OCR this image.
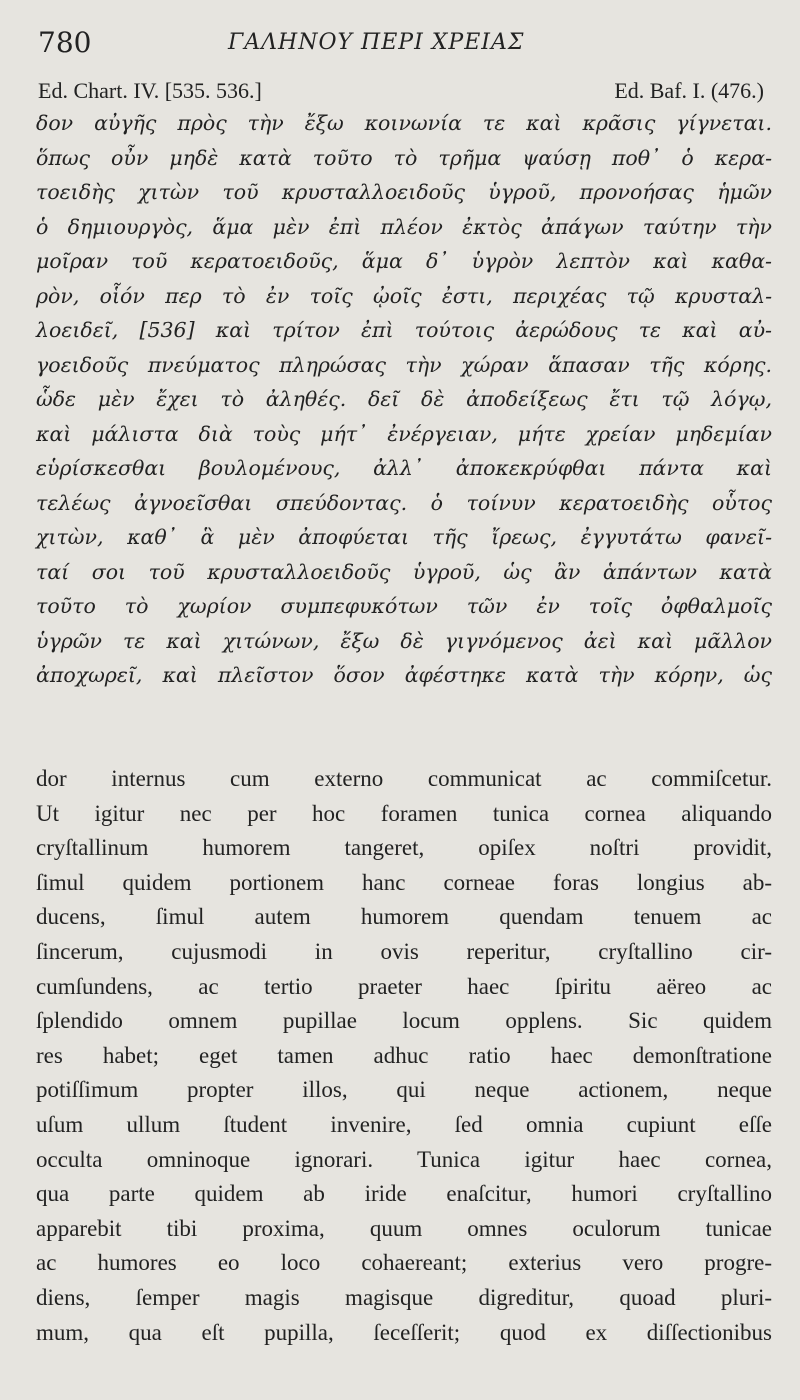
780	ΓΑΛΗΝΟΥ ΠΕΡΙ ΧΡΕΙΑΣ
Ed. Chart. IV. [535. 536.]	Ed. Baf. I. (476.)
δον αὐγῆς πρὸς τὴν ἔξω κοινωνία τε καὶ κρᾶσις γίγνεται.
ὅπως οὖν μηδὲ κατὰ τοῦτο τὸ τρῆμα ψαύσῃ ποθ᾽ ὁ κερα-
τοειδὴς χιτὼν τοῦ κρυσταλλοειδοῦς ὑγροῦ, προνοήσας ἡμῶν
ὁ δημιουργὸς, ἅμα μὲν ἐπὶ πλέον ἐκτὸς ἀπάγων ταύτην τὴν
μοῖραν τοῦ κερατοειδοῦς, ἅμα δ᾽ ὑγρὸν λεπτὸν καὶ καθα-
ρὸν, οἷόν περ τὸ ἐν τοῖς ᾠοῖς ἐστι, περιχέας τῷ κρυσταλ-
λοειδεῖ, [536] καὶ τρίτον ἐπὶ τούτοις ἀερώδους τε καὶ αὐ-
γοειδοῦς πνεύματος πληρώσας τὴν χώραν ἅπασαν τῆς κόρης.
ὧδε μὲν ἔχει τὸ ἀληθές. δεῖ δὲ ἀποδείξεως ἔτι τῷ λόγῳ,
καὶ μάλιστα διὰ τοὺς μήτ᾽ ἐνέργειαν, μήτε χρείαν μηδεμίαν
εὑρίσκεσθαι βουλομένους, ἀλλ᾽ ἀποκεκρύφθαι πάντα καὶ
τελέως ἀγνοεῖσθαι σπεύδοντας. ὁ τοίνυν κερατοειδὴς οὗτος
χιτὼν, καθ᾽ ἃ μὲν ἀποφύεται τῆς ἴρεως, ἐγγυτάτω φανεῖ-
ταί σοι τοῦ κρυσταλλοειδοῦς ὑγροῦ, ὡς ἂν ἁπάντων κατὰ
τοῦτο τὸ χωρίον συμπεφυκότων τῶν ἐν τοῖς ὀφθαλμοῖς
ὑγρῶν τε καὶ χιτώνων, ἔξω δὲ γιγνόμενος ἀεὶ καὶ μᾶλλον
ἀποχωρεῖ, καὶ πλεῖστον ὅσον ἀφέστηκε κατὰ τὴν κόρην, ὡς
dor internus cum externo communicat ac commiſcetur.
Ut igitur nec per hoc foramen tunica cornea aliquando
cryſtallinum humorem tangeret, opiſex noſtri providit,
ſimul quidem portionem hanc corneae foras longius ab-
ducens, ſimul autem humorem quendam tenuem ac
ſincerum, cujusmodi in ovis reperitur, cryſtallino cir-
cumſundens, ac tertio praeter haec ſpiritu aëreo ac
ſplendido omnem pupillae locum opplens. Sic quidem
res habet; eget tamen adhuc ratio haec demonſtratione
potiſſimum propter illos, qui neque actionem, neque
uſum ullum ſtudent invenire, ſed omnia cupiunt eſſe
occulta omninoque ignorari. Tunica igitur haec cornea,
qua parte quidem ab iride enaſcitur, humori cryſtallino
apparebit tibi proxima, quum omnes oculorum tunicae
ac humores eo loco cohaereant; exterius vero progre-
diens, ſemper magis magisque digreditur, quoad pluri-
mum, qua eſt pupilla, ſeceſſerit; quod ex diſſectionibus
